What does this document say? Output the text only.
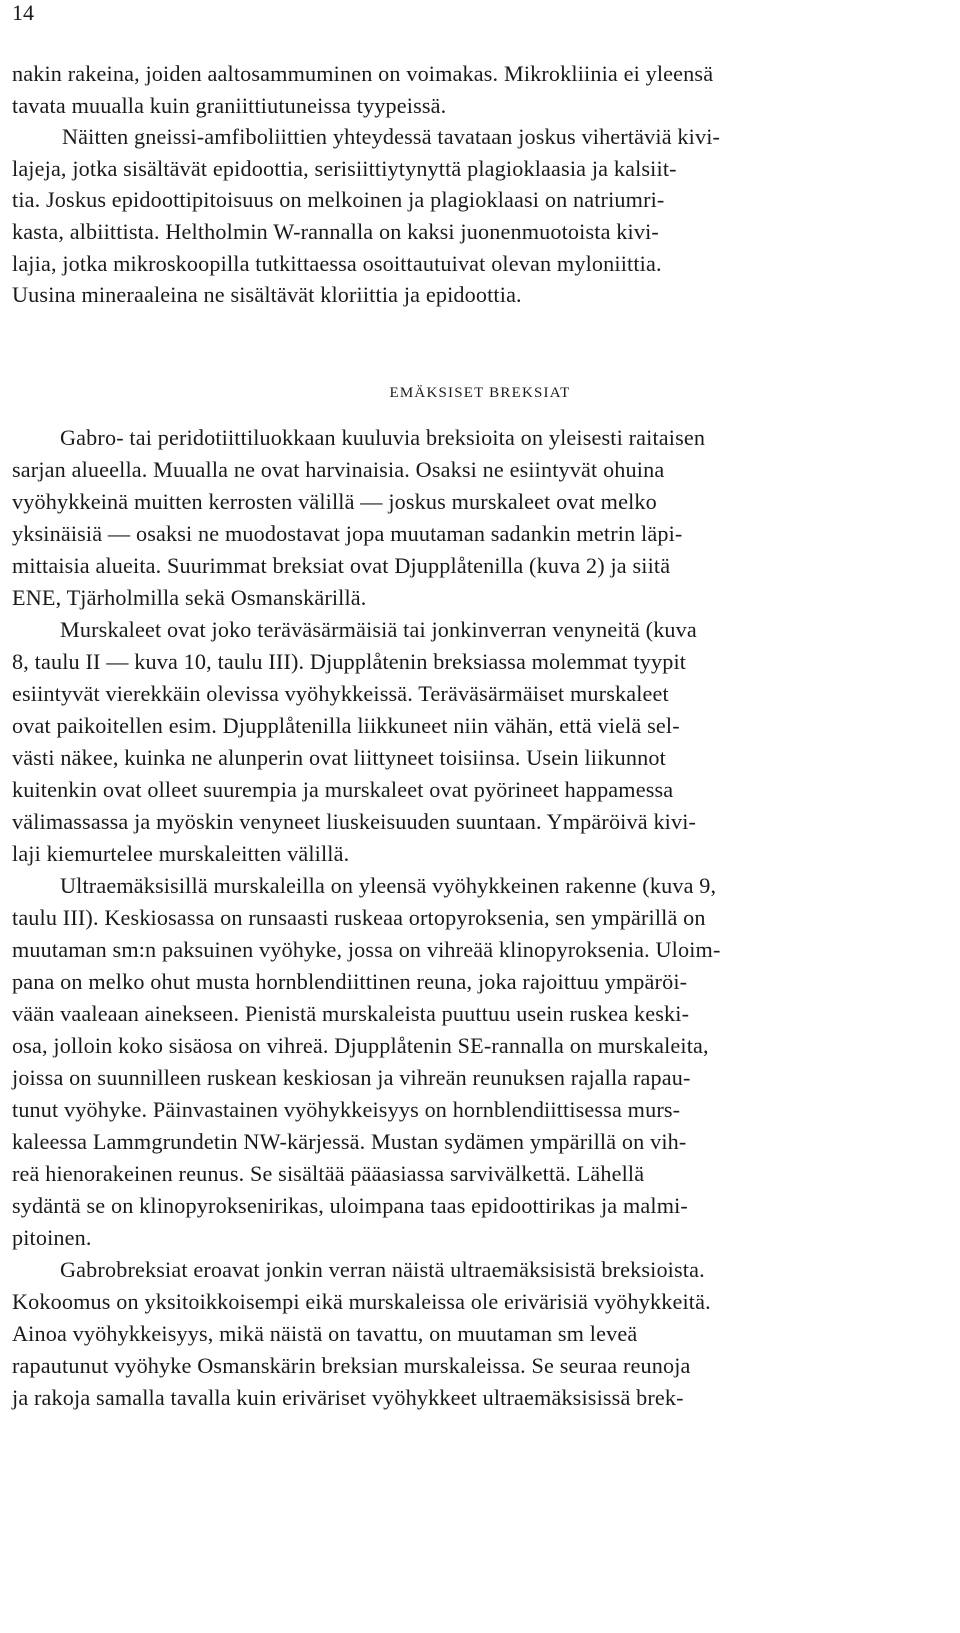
14
nakin rakeina, joiden aaltosammuminen on voimakas. Mikrokliinia ei yleensä
tavata muualla kuin graniittiutuneissa tyypeissä.
Näitten gneissi-amfiboliittien yhteydessä tavataan joskus vihertäviä kivi-
lajeja, jotka sisältävät epidoottia, serisiittiytynyttä plagioklaasia ja kalsiit-
tia. Joskus epidoottipitoisuus on melkoinen ja plagioklaasi on natriumri-
kasta, albiittista. Heltholmin W-rannalla on kaksi juonenmuotoista kivi-
lajia, jotka mikroskoopilla tutkittaessa osoittautuivat olevan myloniittia.
Uusina mineraaleina ne sisältävät kloriittia ja epidoottia.
EMÄKSISET BREKSIAT
Gabro- tai peridotiittiluokkaan kuuluvia breksioita on yleisesti raitaisen
sarjan alueella. Muualla ne ovat harvinaisia. Osaksi ne esiintyvät ohuina
vyöhykkeinä muitten kerrosten välillä — joskus murskaleet ovat melko
yksinäisiä — osaksi ne muodostavat jopa muutaman sadankin metrin läpi-
mittaisia alueita. Suurimmat breksiat ovat Djupplåtenilla (kuva 2) ja siitä
ENE, Tjärholmilla sekä Osmanskärillä.
Murskaleet ovat joko teräväsärmäisiä tai jonkinverran venyneitä (kuva
8, taulu II — kuva 10, taulu III). Djupplåtenin breksiassa molemmat tyypit
esiintyvät vierekkäin olevissa vyöhykkeissä. Teräväsärmäiset murskaleet
ovat paikoitellen esim. Djupplåtenilla liikkuneet niin vähän, että vielä sel-
västi näkee, kuinka ne alunperin ovat liittyneet toisiinsa. Usein liikunnot
kuitenkin ovat olleet suurempia ja murskaleet ovat pyörineet happamessa
välimassassa ja myöskin venyneet liuskeisuuden suuntaan. Ympäröivä kivi-
laji kiemurtelee murskaleitten välillä.
Ultraemäksisillä murskaleilla on yleensä vyöhykkeinen rakenne (kuva 9,
taulu III). Keskiosassa on runsaasti ruskeaa ortopyroksenia, sen ympärillä on
muutaman sm:n paksuinen vyöhyke, jossa on vihreää klinopyroksenia. Uloim-
pana on melko ohut musta hornblendiittinen reuna, joka rajoittuu ympäröi-
vään vaaleaan ainekseen. Pienistä murskaleista puuttuu usein ruskea keski-
osa, jolloin koko sisäosa on vihreä. Djupplåtenin SE-rannalla on murskaleita,
joissa on suunnilleen ruskean keskiosan ja vihreän reunuksen rajalla rapau-
tunut vyöhyke. Päinvastainen vyöhykkeisyys on hornblendiittisessa murs-
kaleessa Lammgrundetin NW-kärjessä. Mustan sydämen ympärillä on vih-
reä hienorakeinen reunus. Se sisältää pääasiassa sarvivälkettä. Lähellä
sydäntä se on klinopyroksenirikas, uloimpana taas epidoottirikas ja malmi-
pitoinen.
Gabrobreksiat eroavat jonkin verran näistä ultraemäksisistä breksioista.
Kokoomus on yksitoikkoisempi eikä murskaleissa ole erivärisiä vyöhykkeitä.
Ainoa vyöhykkeisyys, mikä näistä on tavattu, on muutaman sm leveä
rapautunut vyöhyke Osmanskärin breksian murskaleissa. Se seuraa reunoja
ja rakoja samalla tavalla kuin eriväriset vyöhykkeet ultraemäksisissä brek-
